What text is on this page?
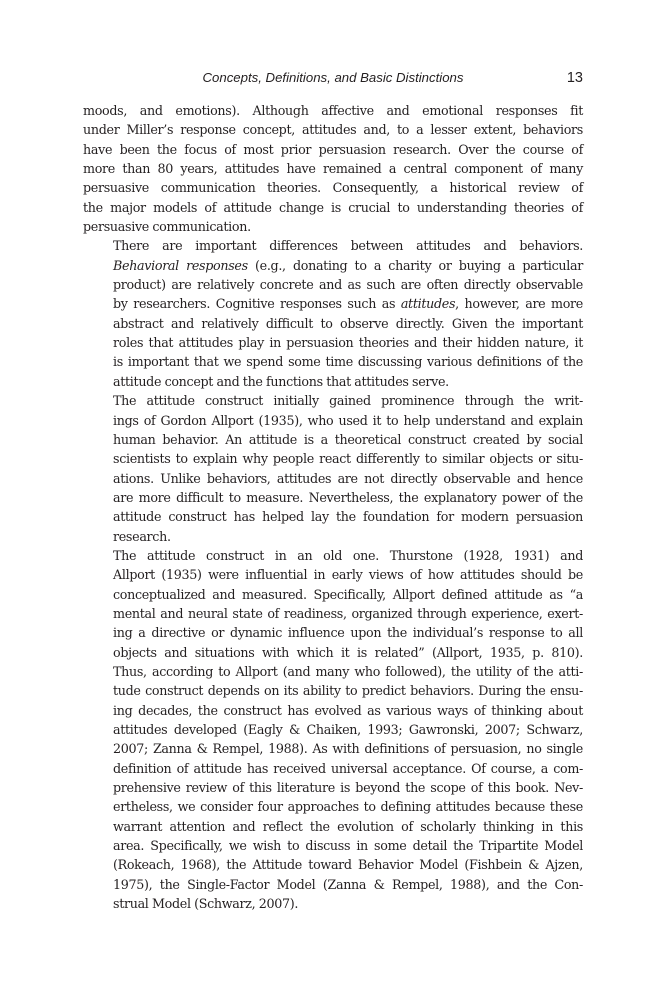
Concepts, Definitions, and Basic Distinctions	13

moods, and emotions). Although affective and emotional responses fit
under Miller’s response concept, attitudes and, to a lesser extent, behaviors
have been the focus of most prior persuasion research. Over the course of
more than 80 years, attitudes have remained a central component of many
persuasive communication theories. Consequently, a historical review of
the major models of attitude change is crucial to understanding theories of
persuasive communication.

There are important differences between attitudes and behaviors.
Behavioral responses (e.g., donating to a charity or buying a particular
product) are relatively concrete and as such are often directly observable
by researchers. Cognitive responses such as attitudes, however, are more
abstract and relatively difficult to observe directly. Given the important
roles that attitudes play in persuasion theories and their hidden nature, it
is important that we spend some time discussing various definitions of the
attitude concept and the functions that attitudes serve.

The attitude construct initially gained prominence through the writ-
ings of Gordon Allport (1935), who used it to help understand and explain
human behavior. An attitude is a theoretical construct created by social
scientists to explain why people react differently to similar objects or situ-
ations. Unlike behaviors, attitudes are not directly observable and hence
are more difficult to measure. Nevertheless, the explanatory power of the
attitude construct has helped lay the foundation for modern persuasion
research.

The attitude construct in an old one. Thurstone (1928, 1931) and
Allport (1935) were influential in early views of how attitudes should be
conceptualized and measured. Specifically, Allport defined attitude as “a
mental and neural state of readiness, organized through experience, exert-
ing a directive or dynamic influence upon the individual’s response to all
objects and situations with which it is related” (Allport, 1935, p. 810).
Thus, according to Allport (and many who followed), the utility of the atti-
tude construct depends on its ability to predict behaviors. During the ensu-
ing decades, the construct has evolved as various ways of thinking about
attitudes developed (Eagly & Chaiken, 1993; Gawronski, 2007; Schwarz,
2007; Zanna & Rempel, 1988). As with definitions of persuasion, no single
definition of attitude has received universal acceptance. Of course, a com-
prehensive review of this literature is beyond the scope of this book. Nev-
ertheless, we consider four approaches to defining attitudes because these
warrant attention and reflect the evolution of scholarly thinking in this
area. Specifically, we wish to discuss in some detail the Tripartite Model
(Rokeach, 1968), the Attitude toward Behavior Model (Fishbein & Ajzen,
1975), the Single-Factor Model (Zanna & Rempel, 1988), and the Con-
strual Model (Schwarz, 2007).
